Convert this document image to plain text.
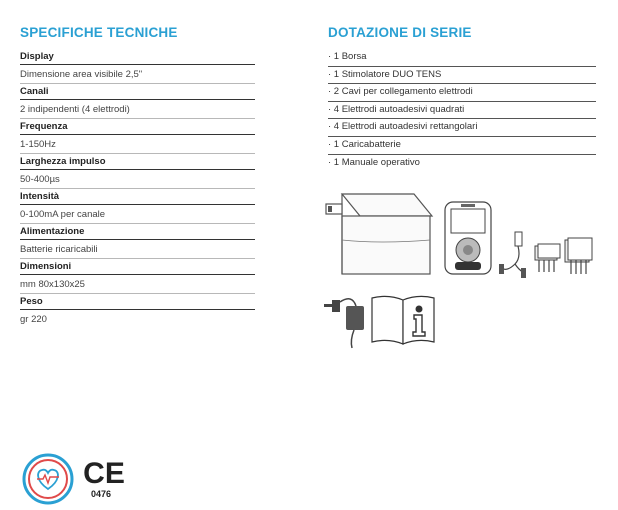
SPECIFICHE TECNICHE	DOTAZIONE DI SERIE
Display
Dimensione area visibile 2,5"
Canali
2 indipendenti (4 elettrodi)
Frequenza
1-150Hz
Larghezza impulso
50-400µs
Intensità
0-100mA per canale
Alimentazione
Batterie ricaricabili
Dimensioni
mm 80x130x25
Peso
gr 220
· 1 Borsa
· 1 Stimolatore DUO TENS
· 2 Cavi per collegamento elettrodi
· 4 Elettrodi autoadesivi quadrati
· 4 Elettrodi autoadesivi rettangolari
· 1 Caricabatterie
· 1 Manuale operativo
CE
0476
